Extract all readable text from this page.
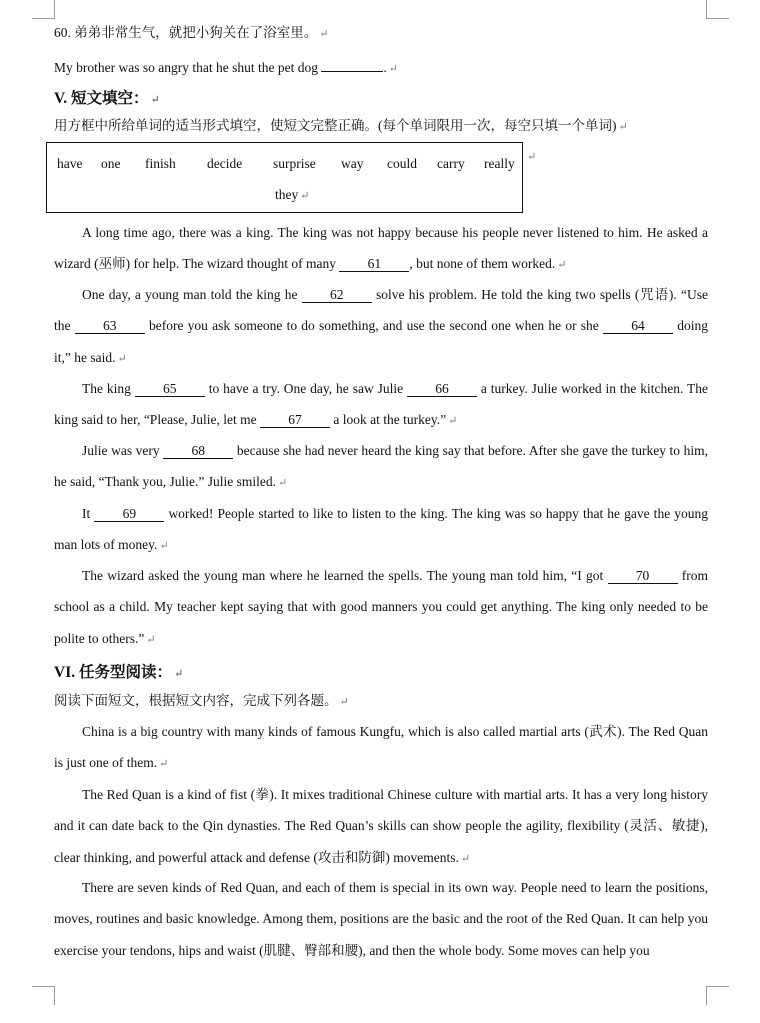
60. 弟弟非常生气，就把小狗关在了浴室里。 ↵
My brother was so angry that he shut the pet dog	. ↵
V. 短文填空： ↵
用方框中所给单词的适当形式填空，使短文完整正确。(每个单词限用一次，每空只填一个单词) ↵
have one finish decide surprise way could carry really
they ↵
↵
A long time ago, there was a king. The king was not happy because his people never listened to him. He asked a wizard (巫师) for help. The wizard thought of many 61 , but none of them worked. ↵
One day, a young man told the king he 62 solve his problem. He told the king two spells (咒语). “Use the 63 before you ask someone to do something, and use the second one when he or she 64 doing it,” he said. ↵
The king 65 to have a try. One day, he saw Julie 66 a turkey. Julie worked in the kitchen. The king said to her, “Please, Julie, let me 67 a look at the turkey.” ↵
Julie was very 68 because she had never heard the king say that before. After she gave the turkey to him, he said, “Thank you, Julie.” Julie smiled. ↵
It 69 worked! People started to like to listen to the king. The king was so happy that he gave the young man lots of money. ↵
The wizard asked the young man where he learned the spells. The young man told him, “I got 70 from school as a child. My teacher kept saying that with good manners you could get anything. The king only needed to be polite to others.” ↵
VI. 任务型阅读： ↵
阅读下面短文，根据短文内容，完成下列各题。 ↵
China is a big country with many kinds of famous Kungfu, which is also called martial arts (武术). The Red Quan is just one of them. ↵
The Red Quan is a kind of fist (拳). It mixes traditional Chinese culture with martial arts. It has a very long history and it can date back to the Qin dynasties. The Red Quan’s skills can show people the agility, flexibility (灵活、敏捷), clear thinking, and powerful attack and defense (攻击和防御) movements. ↵
There are seven kinds of Red Quan, and each of them is special in its own way. People need to learn the positions, moves, routines and basic knowledge. Among them, positions are the basic and the root of the Red Quan. It can help you exercise your tendons, hips and waist (肌腱、臀部和腰), and then the whole body. Some moves can help you
